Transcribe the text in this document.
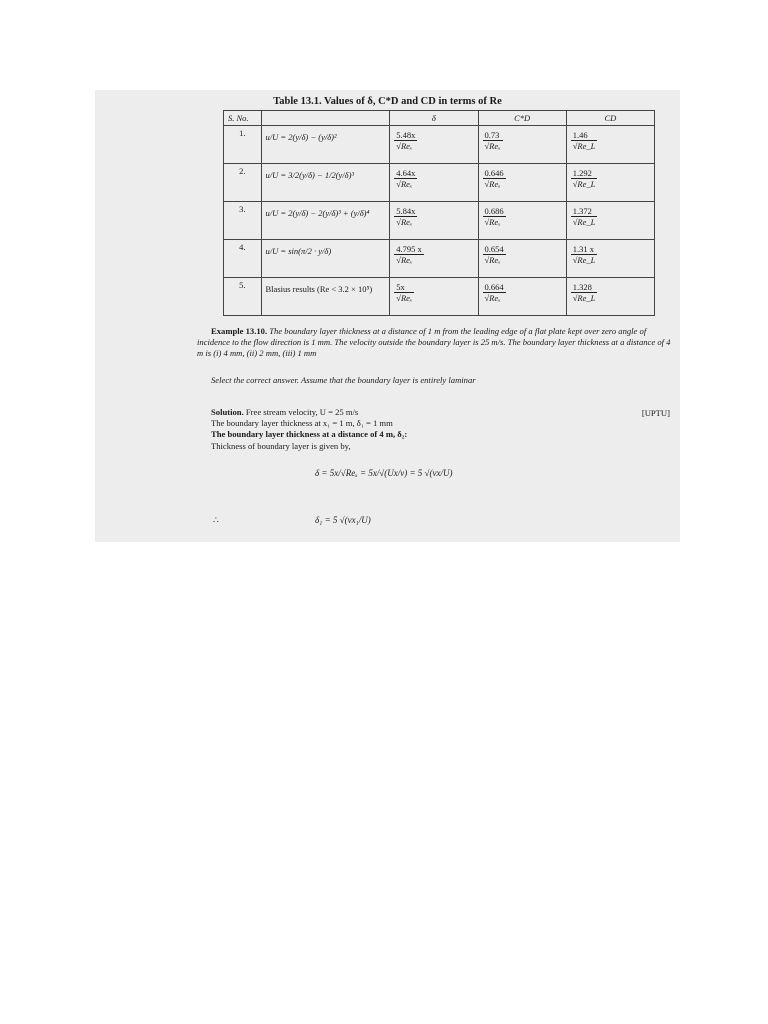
Table 13.1. Values of δ, C*D and CD in terms of Re
S. No.		δ	C*D	CD
1.	u/U = 2(y/δ) − (y/δ)²	$\frac{5.48x}{\text{√Reₓ}}$	$\frac{0.73}{\text{√Reₓ}}$	$\frac{1.46}{√Re\_L}$

2.	u/U = 3/2(y/δ) − 1/2(y/δ)³	$\frac{4.64x}{\text{√Reₓ}}$	$\frac{0.646}{\text{√Reₓ}}$	$\frac{1.292}{√Re\_L}$

3.	u/U = 2(y/δ) − 2(y/δ)³ + (y/δ)⁴	$\frac{5.84x}{\text{√Reₓ}}$	$\frac{0.686}{\text{√Reₓ}}$	$\frac{1.372}{√Re\_L}$

4.	u/U = sin(π/2 · y/δ)	$\frac{4.795 x}{\text{√Reₓ}}$	$\frac{0.654}{\text{√Reₓ}}$	$\frac{1.31 x}{√Re\_L}$

5.	Blasius results (Re < 3.2 × 10⁵)	$\frac{5x}{\text{√Reₓ}}$	$\frac{0.664}{\text{√Reₓ}}$	$\frac{1.328}{√Re\_L}$
Example 13.10. The boundary layer thickness at a distance of 1 m from the leading edge of a flat plate kept over zero angle of incidence to the flow direction is 1 mm. The velocity outside the boundary layer is 25 m/s. The boundary layer thickness at a distance of 4 m is (i) 4 mm, (ii) 2 mm, (iii) 1 mm
Select the correct answer. Assume that the boundary layer is entirely laminar
[UPTU]
Solution. Free stream velocity, U = 25 m/s
The boundary layer thickness at x₁ = 1 m, δ₁ = 1 mm
The boundary layer thickness at a distance of 4 m, δ₂:
Thickness of boundary layer is given by,
δ = 5x/√Reₓ = 5x/√(Ux/ν) = 5 √(νx/U)
∴	δ₁ = 5 √(νx₁/U)
